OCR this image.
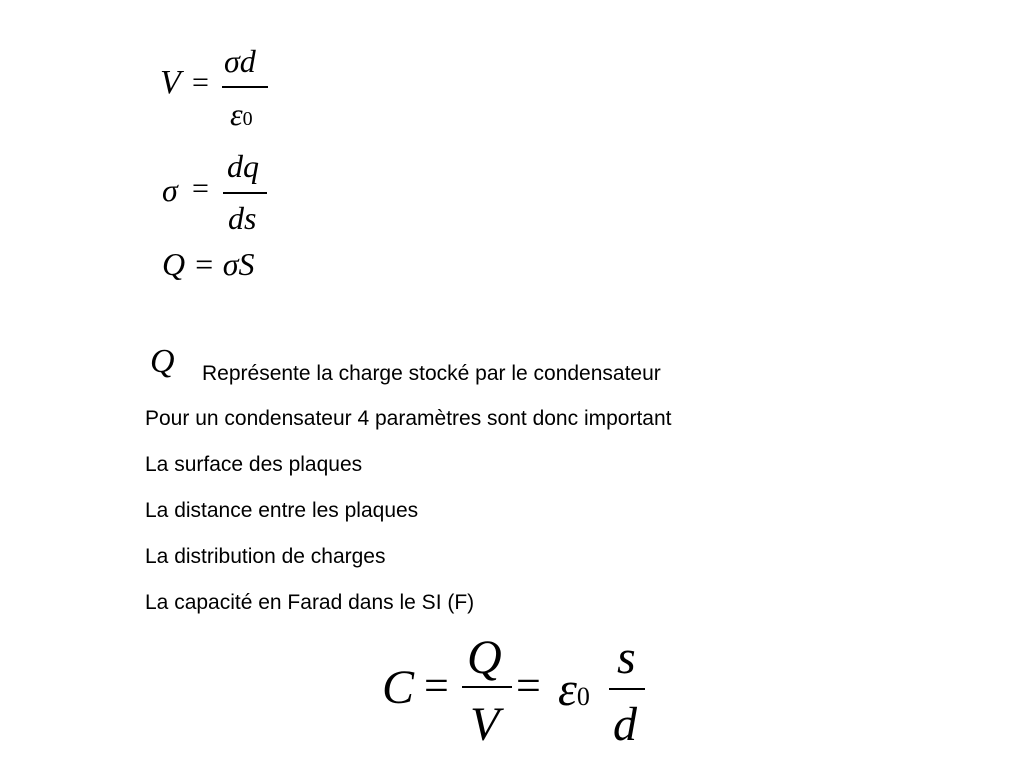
V =
σd
ε0
σ =
dq
ds
Q = σS
Q Représente la charge stocké par le condensateur
Pour un condensateur 4 paramètres sont donc important
La surface des plaques
La distance entre les plaques
La distribution de charges
La capacité en Farad dans le SI (F)
C =
Q
V
= ε0
s
d
